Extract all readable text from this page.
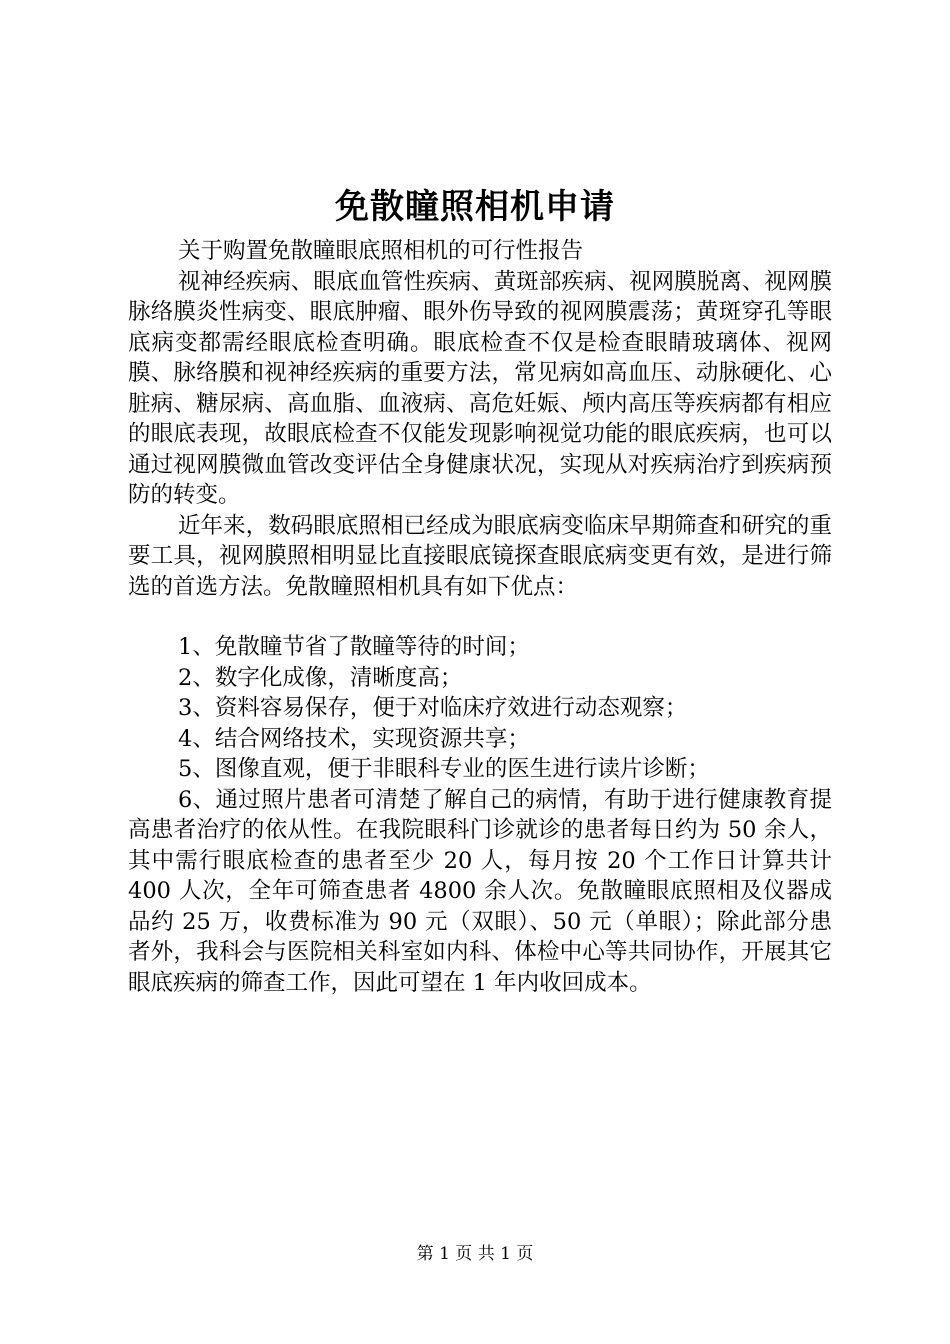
免散瞳照相机申请

关于购置免散瞳眼底照相机的可行性报告

视神经疾病、眼底血管性疾病、黄斑部疾病、视网膜脱离、视网膜脉络膜炎性病变、眼底肿瘤、眼外伤导致的视网膜震荡；黄斑穿孔等眼底病变都需经眼底检查明确。眼底检查不仅是检查眼睛玻璃体、视网膜、脉络膜和视神经疾病的重要方法，常见病如高血压、动脉硬化、心脏病、糖尿病、高血脂、血液病、高危妊娠、颅内高压等疾病都有相应的眼底表现，故眼底检查不仅能发现影响视觉功能的眼底疾病，也可以通过视网膜微血管改变评估全身健康状况，实现从对疾病治疗到疾病预防的转变。

近年来，数码眼底照相已经成为眼底病变临床早期筛查和研究的重要工具，视网膜照相明显比直接眼底镜探查眼底病变更有效，是进行筛选的首选方法。免散瞳照相机具有如下优点：

1、免散瞳节省了散瞳等待的时间；

2、数字化成像，清晰度高；

3、资料容易保存，便于对临床疗效进行动态观察；

4、结合网络技术，实现资源共享；

5、图像直观，便于非眼科专业的医生进行读片诊断；

6、通过照片患者可清楚了解自己的病情，有助于进行健康教育提高患者治疗的依从性。在我院眼科门诊就诊的患者每日约为 50 余人，其中需行眼底检查的患者至少 20 人，每月按 20 个工作日计算共计 400 人次，全年可筛查患者 4800 余人次。免散瞳眼底照相及仪器成品约 25 万，收费标准为 90 元（双眼）、50 元（单眼）；除此部分患者外，我科会与医院相关科室如内科、体检中心等共同协作，开展其它眼底疾病的筛查工作，因此可望在 1 年内收回成本。

第 1 页 共 1 页
